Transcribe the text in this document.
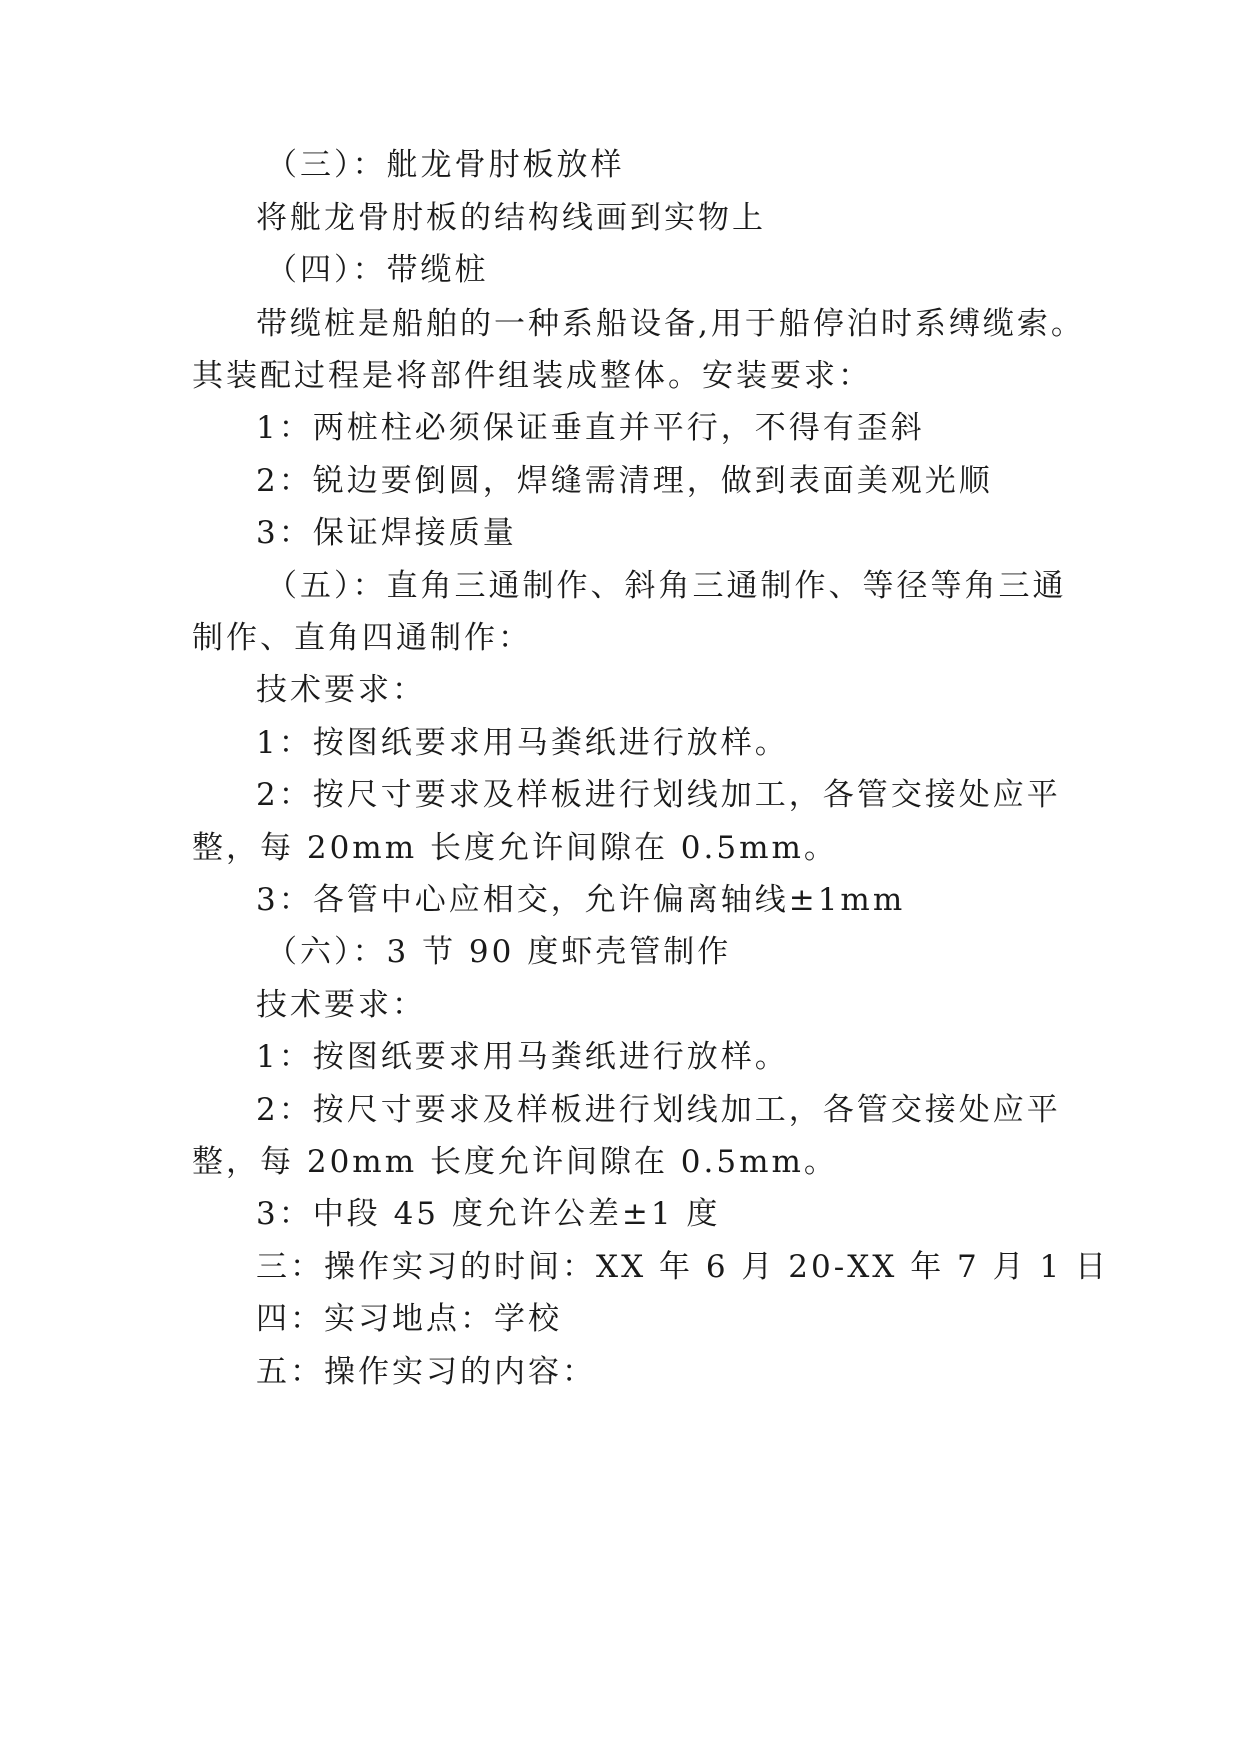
（三）：舭龙骨肘板放样
将舭龙骨肘板的结构线画到实物上
（四）：带缆桩
带缆桩是船舶的一种系船设备,用于船停泊时系缚缆索。
其装配过程是将部件组装成整体。安装要求：
1：两桩柱必须保证垂直并平行，不得有歪斜
2：锐边要倒圆，焊缝需清理，做到表面美观光顺
3：保证焊接质量
（五）：直角三通制作、斜角三通制作、等径等角三通
制作、直角四通制作：
技术要求：
1：按图纸要求用马粪纸进行放样。
2：按尺寸要求及样板进行划线加工，各管交接处应平
整，每 20mm 长度允许间隙在 0.5mm。
3：各管中心应相交，允许偏离轴线±1mm
（六）：3 节 90 度虾壳管制作
技术要求：
1：按图纸要求用马粪纸进行放样。
2：按尺寸要求及样板进行划线加工，各管交接处应平
整，每 20mm 长度允许间隙在 0.5mm。
3：中段 45 度允许公差±1 度
三：操作实习的时间：XX 年 6 月 20-XX 年 7 月 1 日
四：实习地点：学校
五：操作实习的内容：
